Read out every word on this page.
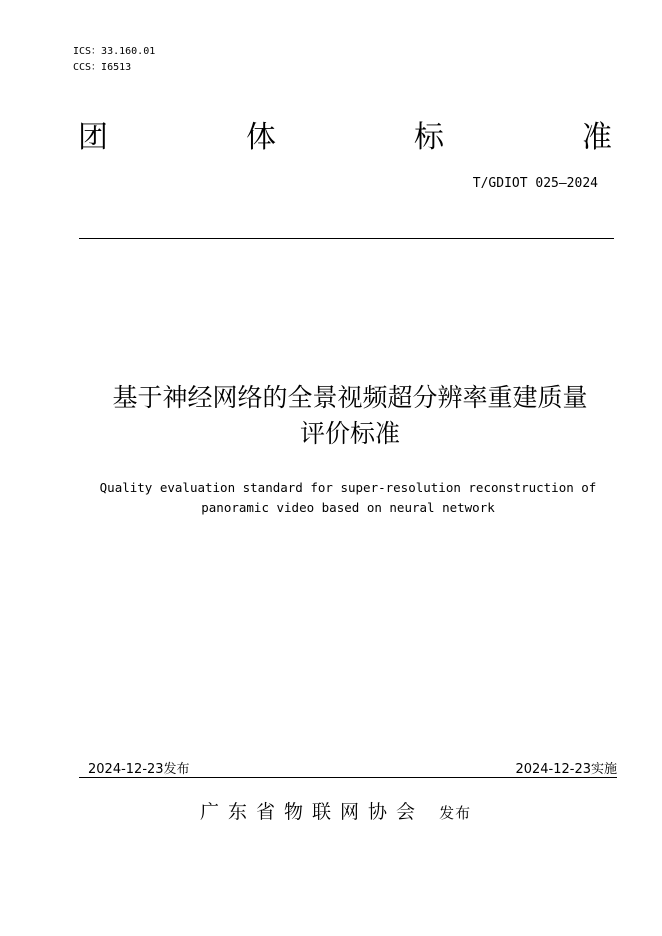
ICS：33.160.01
CCS：I6513
团	体	标	准
T/GDIOT 025—2024
基于神经网络的全景视频超分辨率重建质量
评价标准
Quality evaluation standard for super-resolution reconstruction of
panoramic video based on neural network
2024-12-23发布	2024-12-23实施
广东省物联网协会 发布
